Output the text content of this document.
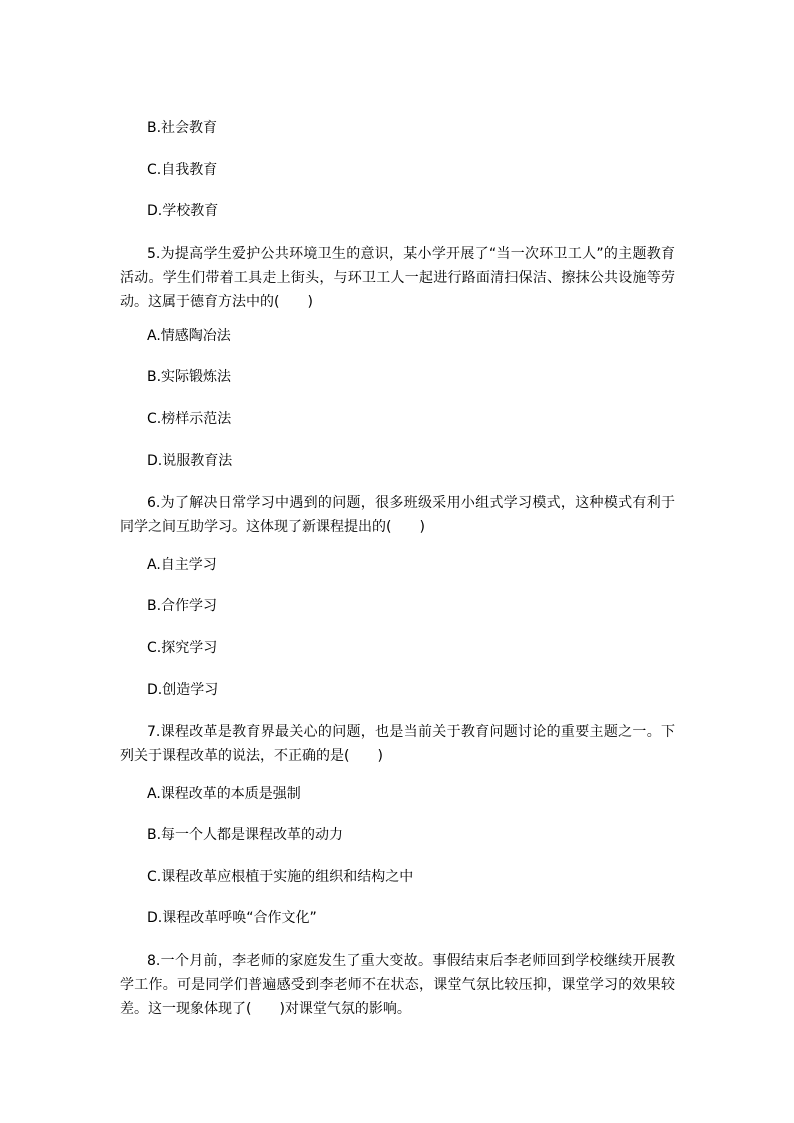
B.社会教育
C.自我教育
D.学校教育
5.为提高学生爱护公共环境卫生的意识，某小学开展了“当一次环卫工人”的主题教育活动。学生们带着工具走上街头，与环卫工人一起进行路面清扫保洁、擦抹公共设施等劳动。这属于德育方法中的(　　)
A.情感陶冶法
B.实际锻炼法
C.榜样示范法
D.说服教育法
6.为了解决日常学习中遇到的问题，很多班级采用小组式学习模式，这种模式有利于同学之间互助学习。这体现了新课程提出的(　　)
A.自主学习
B.合作学习
C.探究学习
D.创造学习
7.课程改革是教育界最关心的问题，也是当前关于教育问题讨论的重要主题之一。下列关于课程改革的说法，不正确的是(　　)
A.课程改革的本质是强制
B.每一个人都是课程改革的动力
C.课程改革应根植于实施的组织和结构之中
D.课程改革呼唤“合作文化”
8.一个月前，李老师的家庭发生了重大变故。事假结束后李老师回到学校继续开展教学工作。可是同学们普遍感受到李老师不在状态，课堂气氛比较压抑，课堂学习的效果较差。这一现象体现了(　　)对课堂气氛的影响。
